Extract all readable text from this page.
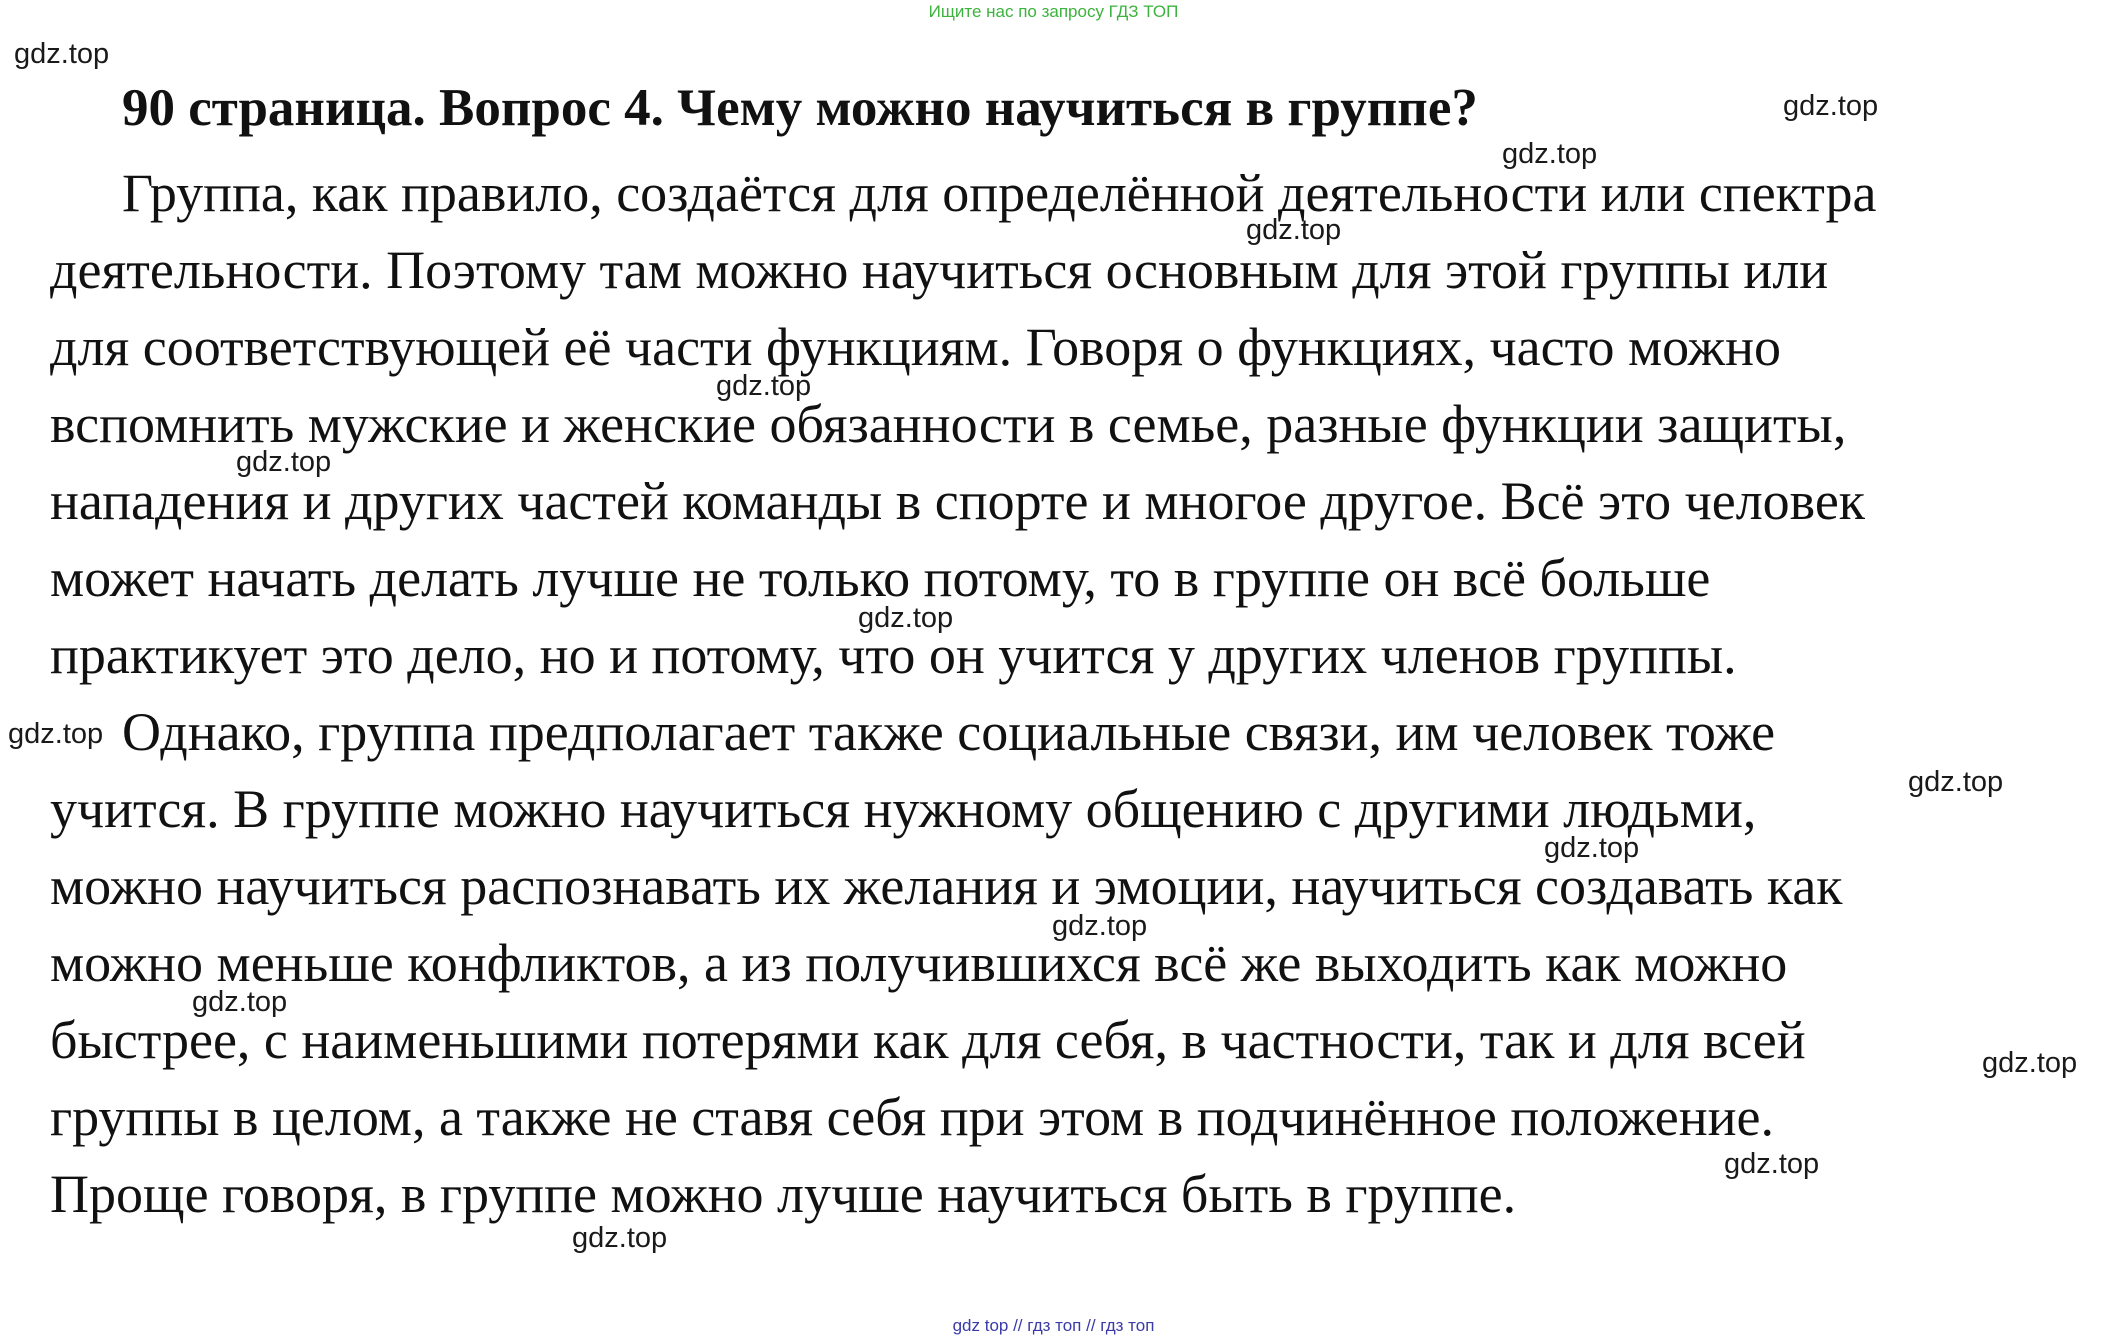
Ищите нас по запросу ГДЗ ТОП
90 страница. Вопрос 4. Чему можно научиться в группе?
Группа, как правило, создаётся для определённой деятельности или спектра
деятельности. Поэтому там можно научиться основным для этой группы или
для соответствующей её части функциям. Говоря о функциях, часто можно
вспомнить мужские и женские обязанности в семье, разные функции защиты,
нападения и других частей команды в спорте и многое другое. Всё это человек
может начать делать лучше не только потому, то в группе он всё больше
практикует это дело, но и потому, что он учится у других членов группы.
Однако, группа предполагает также социальные связи, им человек тоже
учится. В группе можно научиться нужному общению с другими людьми,
можно научиться распознавать их желания и эмоции, научиться создавать как
можно меньше конфликтов, а из получившихся всё же выходить как можно
быстрее, с наименьшими потерями как для себя, в частности, так и для всей
группы в целом, а также не ставя себя при этом в подчинённое положение.
Проще говоря, в группе можно лучше научиться быть в группе.
gdz.top
gdz.top
gdz.top
gdz.top
gdz.top
gdz.top
gdz.top
gdz.top
gdz.top
gdz.top
gdz.top
gdz.top
gdz.top
gdz.top
gdz.top
gdz top // гдз топ // гдз топ
